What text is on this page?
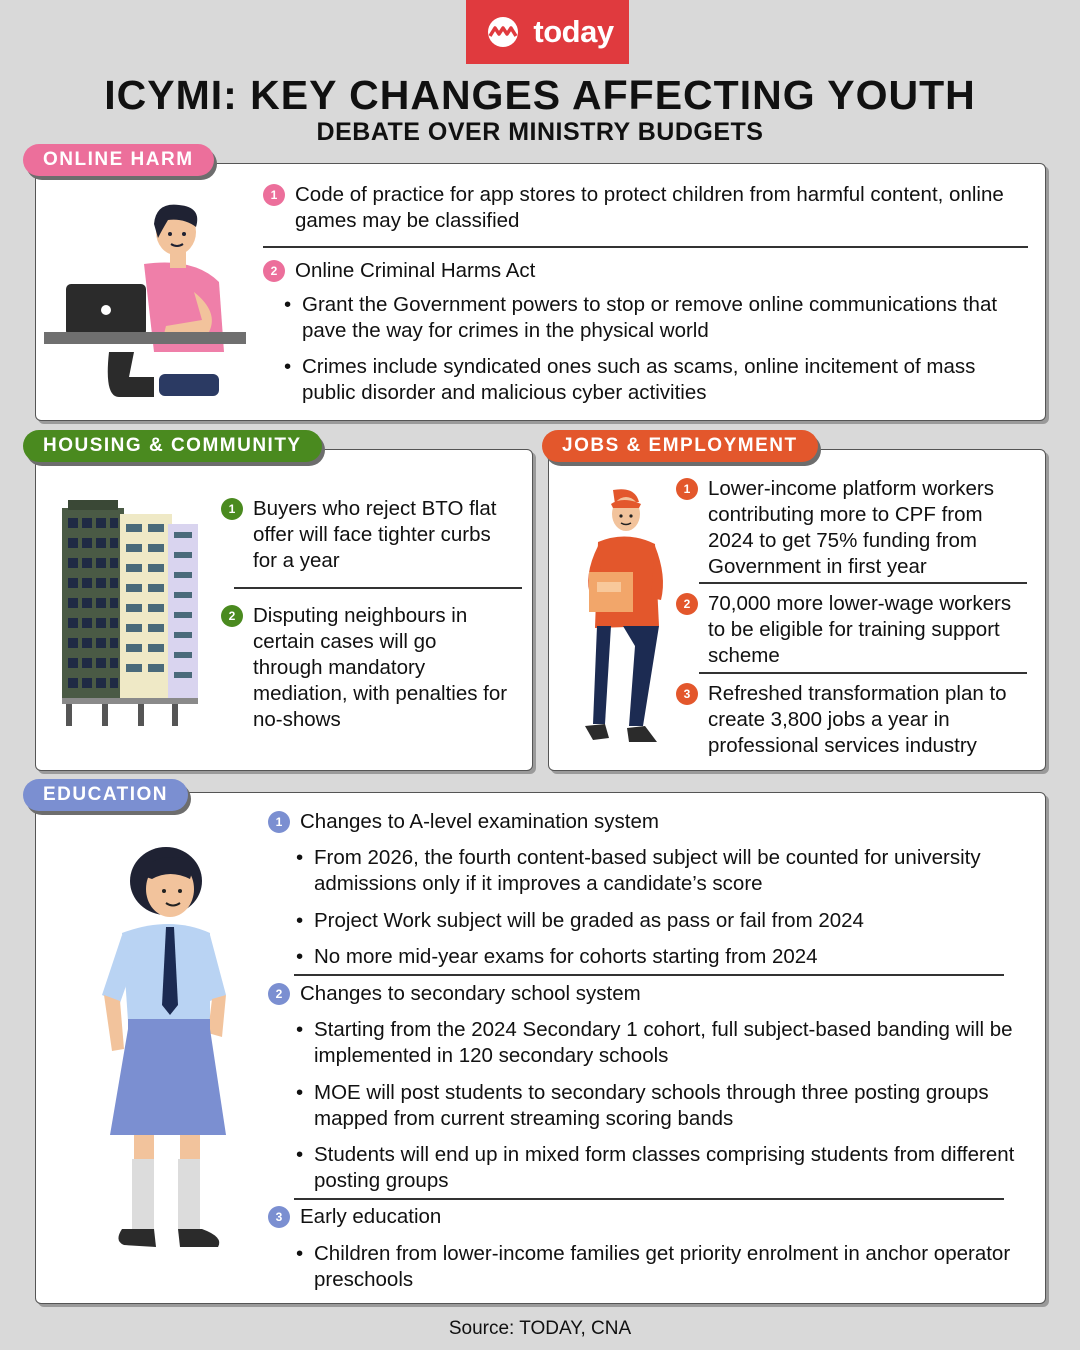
today
ICYMI: KEY CHANGES AFFECTING YOUTH
DEBATE OVER MINISTRY BUDGETS
1 Code of practice for app stores to protect children from harmful content, online games may be classified
2 Online Criminal Harms Act
• Grant the Government powers to stop or remove online communications that pave the way for crimes in the physical world
• Crimes include syndicated ones such as scams, online incitement of mass public disorder and malicious cyber activities
ONLINE HARM
1 Buyers who reject BTO flat offer will face tighter curbs for a year
2 Disputing neighbours in certain cases will go through mandatory mediation, with penalties for no-shows
HOUSING & COMMUNITY
1 Lower-income platform workers contributing more to CPF from 2024 to get 75% funding from Government in first year
2 70,000 more lower-wage workers to be eligible for training support scheme
3 Refreshed transformation plan to create 3,800 jobs a year in professional services industry
JOBS & EMPLOYMENT
1 Changes to A-level examination system
• From 2026, the fourth content-based subject will be counted for university admissions only if it improves a candidate’s score
• Project Work subject will be graded as pass or fail from 2024
• No more mid-year exams for cohorts starting from 2024
2 Changes to secondary school system
• Starting from the 2024 Secondary 1 cohort, full subject-based banding will be implemented in 120 secondary schools
• MOE will post students to secondary schools through three posting groups mapped from current streaming scoring bands
• Students will end up in mixed form classes comprising students from different posting groups
3 Early education
• Children from lower-income families get priority enrolment in anchor operator preschools
EDUCATION
Source: TODAY, CNA
